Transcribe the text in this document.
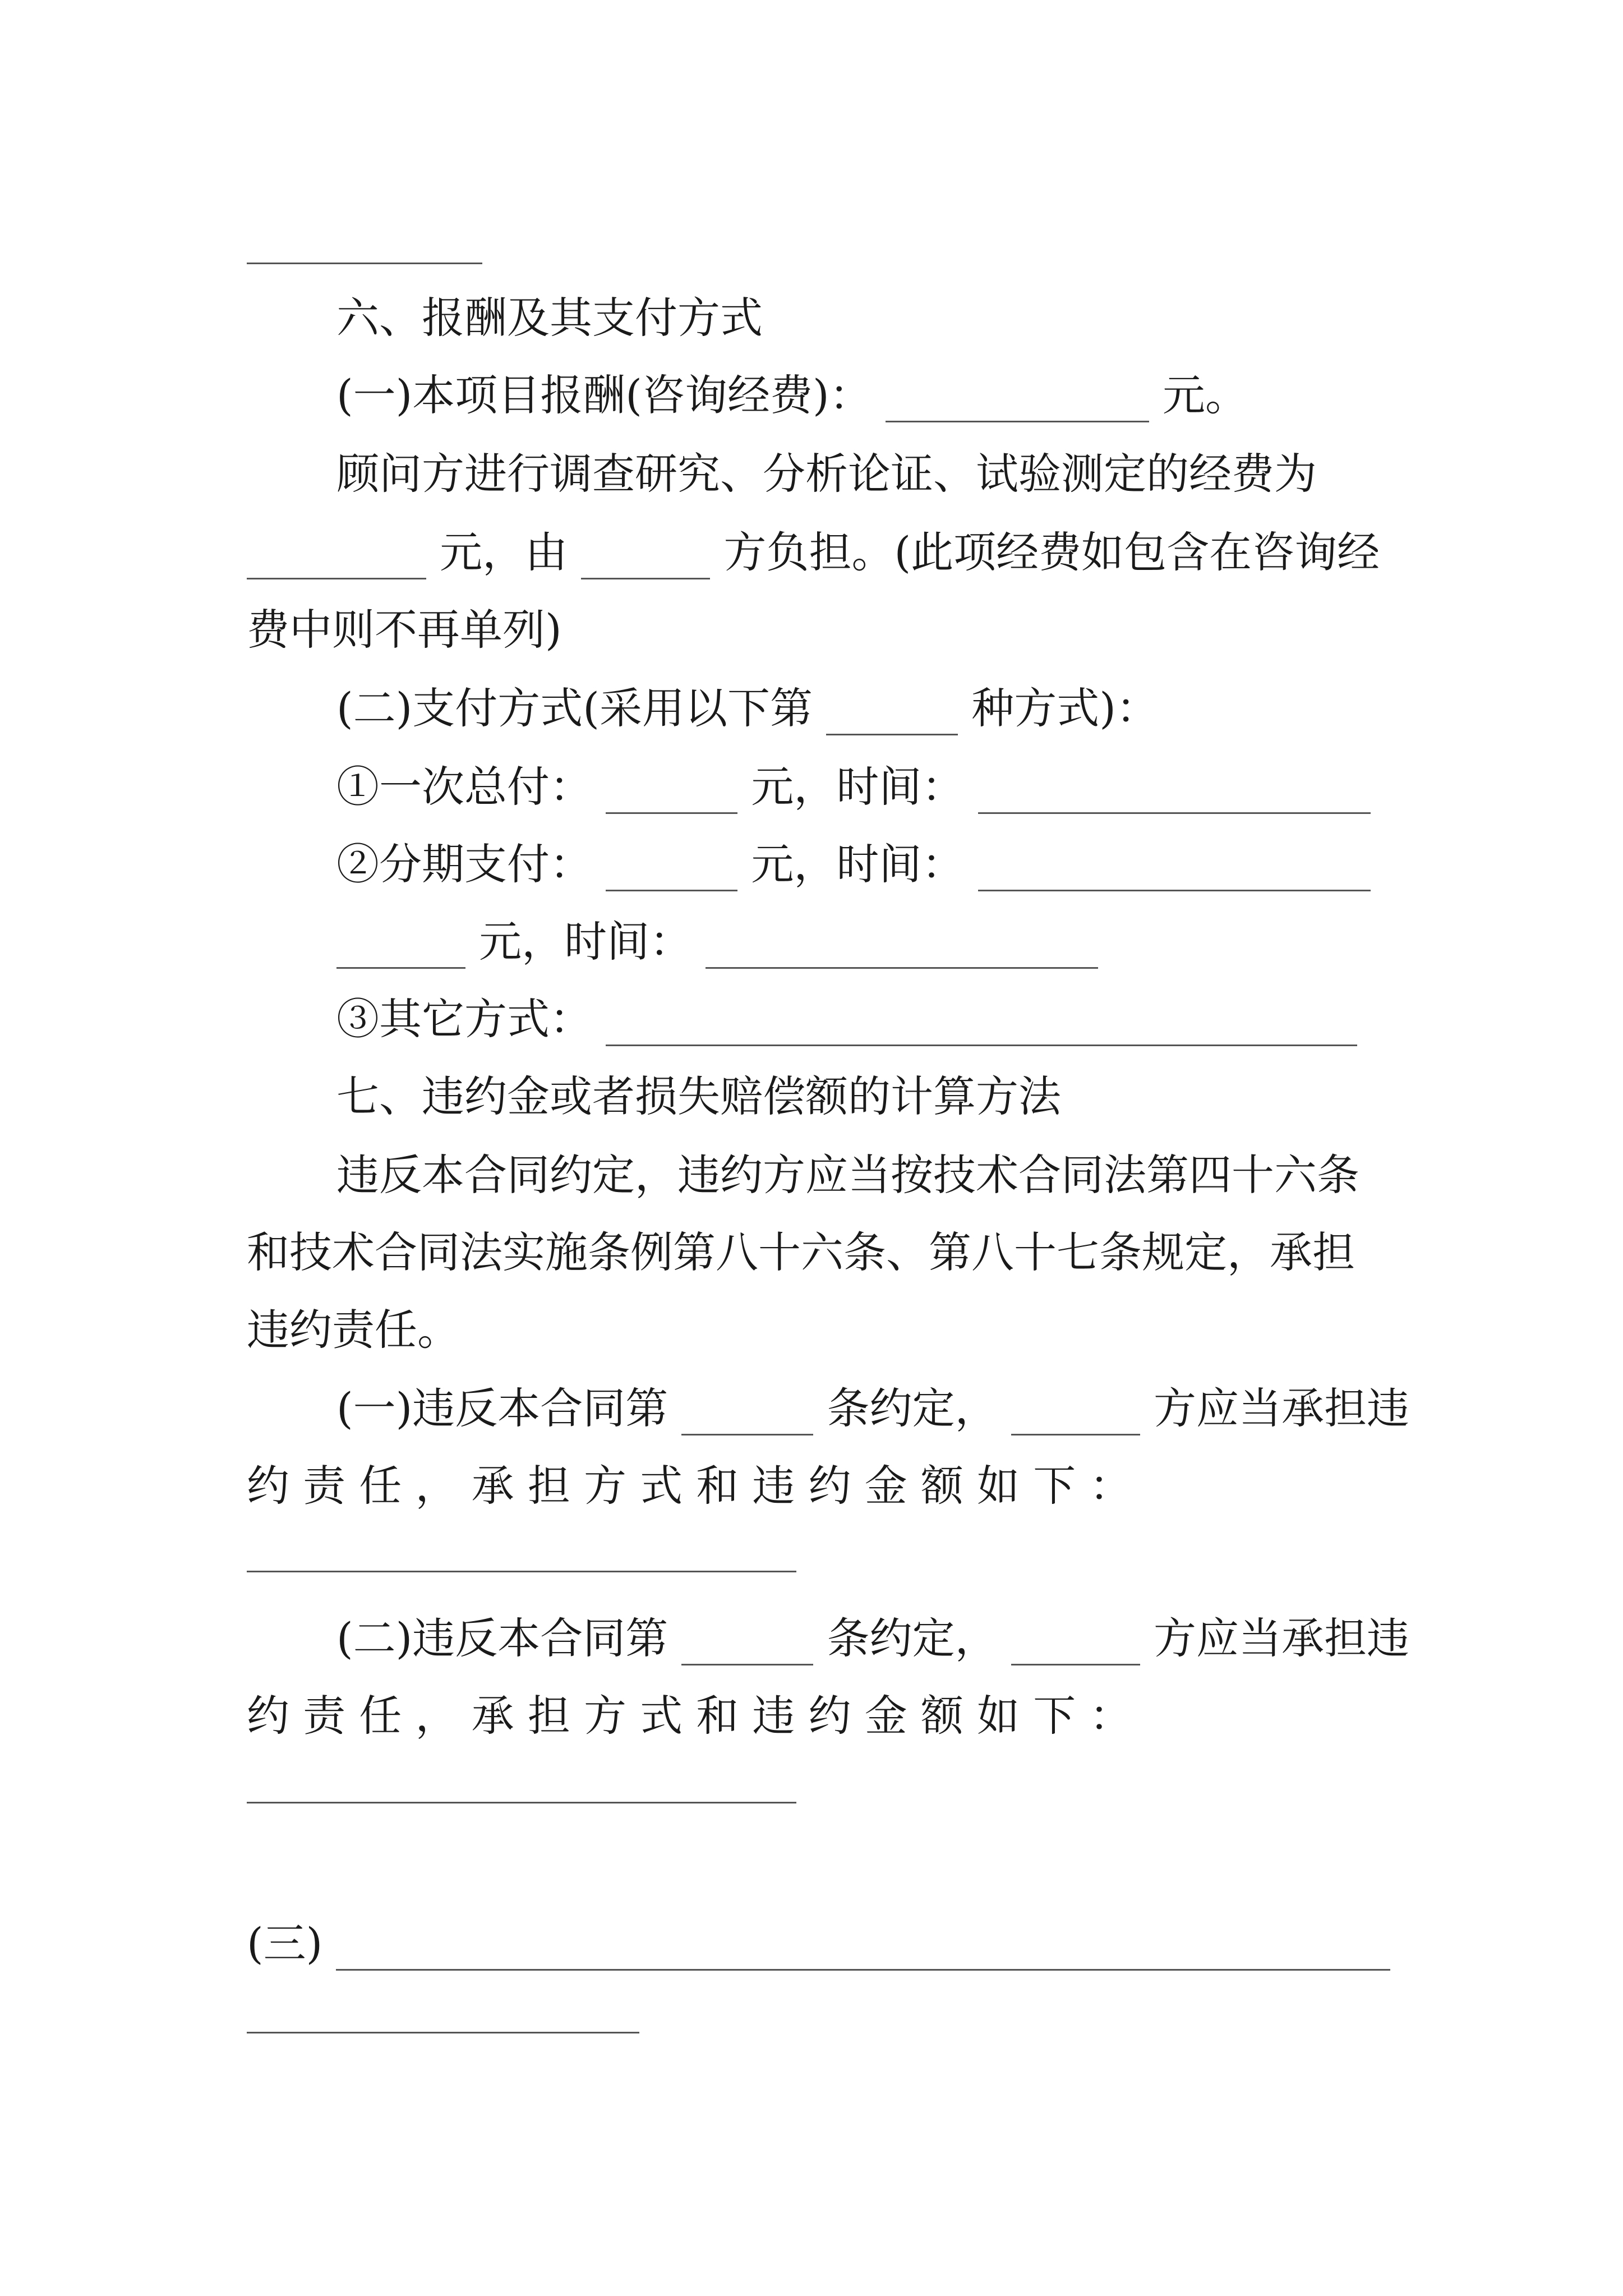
六、报酬及其支付方式
(一)本项目报酬(咨询经费)：	元。
顾问方进行调查研究、分析论证、试验测定的经费为
元，由	方负担。(此项经费如包含在咨询经
费中则不再单列)
(二)支付方式(采用以下第	种方式)：
①一次总付：	元，时间：
②分期支付：	元，时间：
元，时间：
③其它方式：
七、违约金或者损失赔偿额的计算方法
违反本合同约定，违约方应当按技术合同法第四十六条
和技术合同法实施条例第八十六条、第八十七条规定，承担
违约责任。
(一)违反本合同第	条约定，	方应当承担违
约 责 任 ， 承 担 方 式 和 违 约 金 额 如 下 ：
(二)违反本合同第	条约定，	方应当承担违
约 责 任 ， 承 担 方 式 和 违 约 金 额 如 下 ：
(三)
